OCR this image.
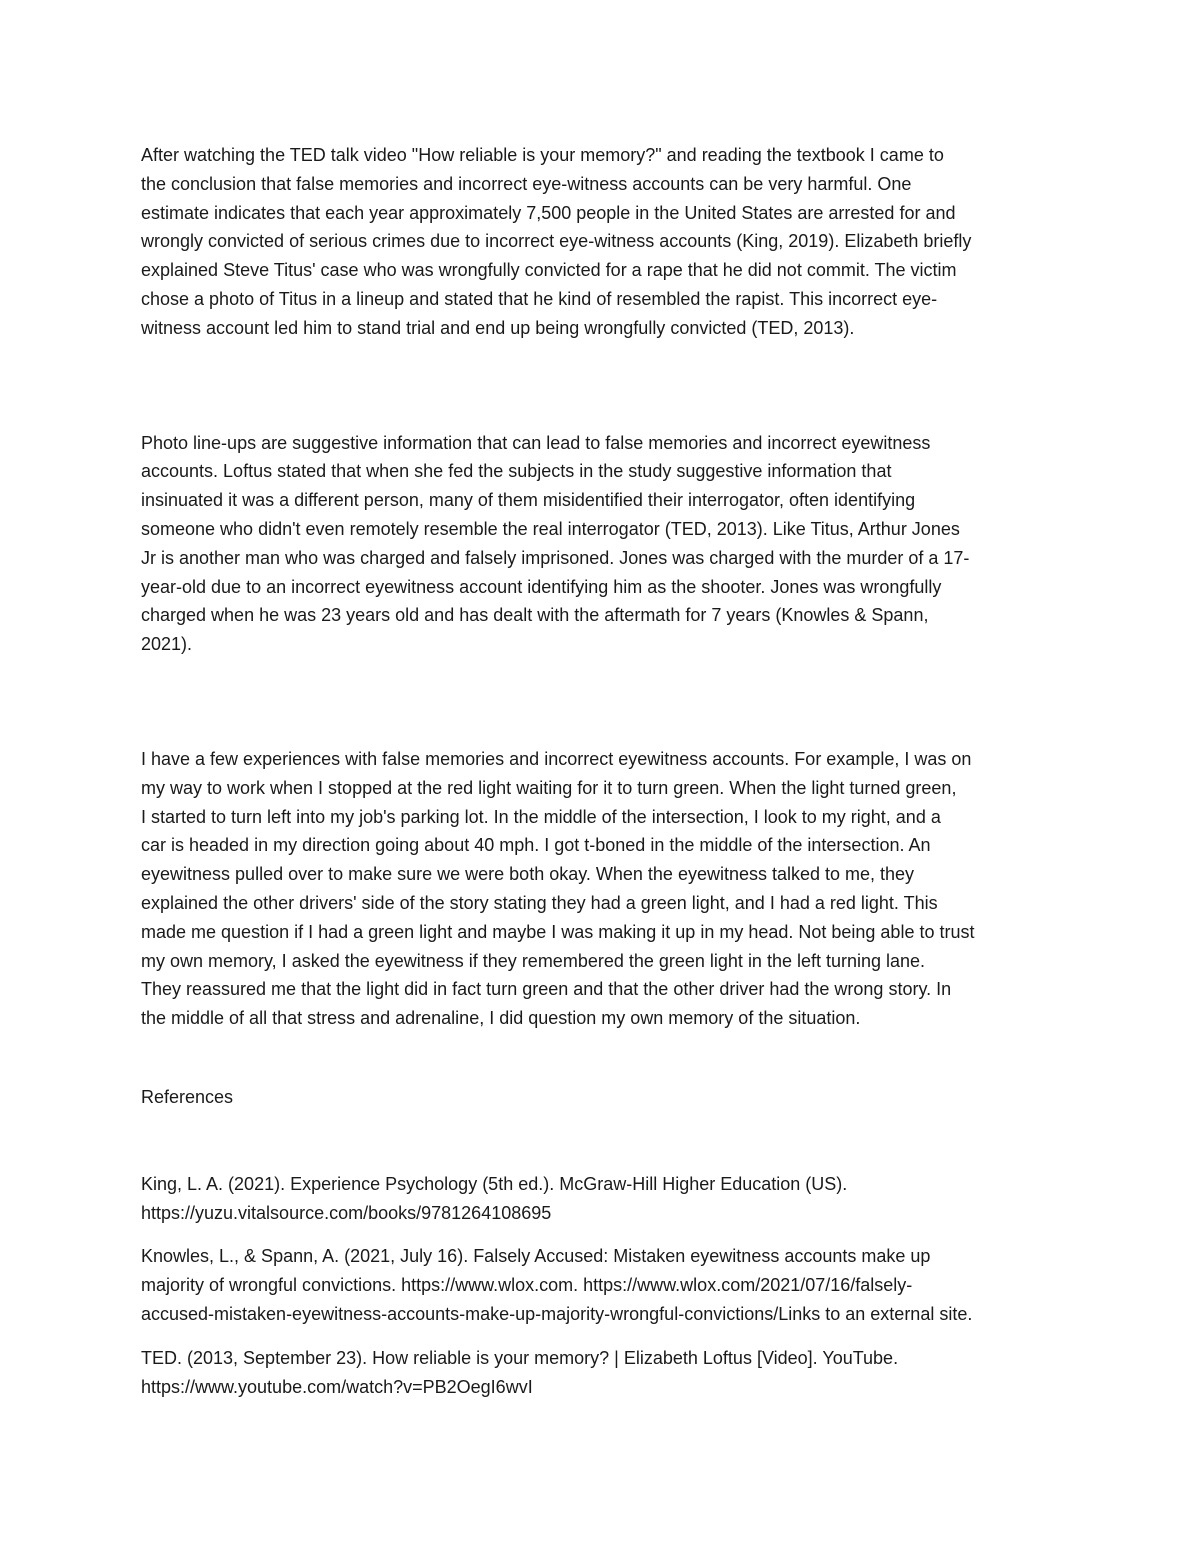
After watching the TED talk video "How reliable is your memory?" and reading the textbook I came to
the conclusion that false memories and incorrect eye-witness accounts can be very harmful. One
estimate indicates that each year approximately 7,500 people in the United States are arrested for and
wrongly convicted of serious crimes due to incorrect eye-witness accounts (King, 2019). Elizabeth briefly
explained Steve Titus' case who was wrongfully convicted for a rape that he did not commit. The victim
chose a photo of Titus in a lineup and stated that he kind of resembled the rapist. This incorrect eye-
witness account led him to stand trial and end up being wrongfully convicted (TED, 2013).

Photo line-ups are suggestive information that can lead to false memories and incorrect eyewitness
accounts. Loftus stated that when she fed the subjects in the study suggestive information that
insinuated it was a different person, many of them misidentified their interrogator, often identifying
someone who didn't even remotely resemble the real interrogator (TED, 2013). Like Titus, Arthur Jones
Jr is another man who was charged and falsely imprisoned. Jones was charged with the murder of a 17-
year-old due to an incorrect eyewitness account identifying him as the shooter. Jones was wrongfully
charged when he was 23 years old and has dealt with the aftermath for 7 years (Knowles & Spann,
2021).

I have a few experiences with false memories and incorrect eyewitness accounts. For example, I was on
my way to work when I stopped at the red light waiting for it to turn green. When the light turned green,
I started to turn left into my job's parking lot. In the middle of the intersection, I look to my right, and a
car is headed in my direction going about 40 mph. I got t-boned in the middle of the intersection. An
eyewitness pulled over to make sure we were both okay. When the eyewitness talked to me, they
explained the other drivers' side of the story stating they had a green light, and I had a red light. This
made me question if I had a green light and maybe I was making it up in my head. Not being able to trust
my own memory, I asked the eyewitness if they remembered the green light in the left turning lane.
They reassured me that the light did in fact turn green and that the other driver had the wrong story. In
the middle of all that stress and adrenaline, I did question my own memory of the situation.

References

King, L. A. (2021). Experience Psychology (5th ed.). McGraw-Hill Higher Education (US).
https://yuzu.vitalsource.com/books/9781264108695

Knowles, L., & Spann, A. (2021, July 16). Falsely Accused: Mistaken eyewitness accounts make up
majority of wrongful convictions. https://www.wlox.com. https://www.wlox.com/2021/07/16/falsely-
accused-mistaken-eyewitness-accounts-make-up-majority-wrongful-convictions/Links to an external site.

TED. (2013, September 23). How reliable is your memory? | Elizabeth Loftus [Video]. YouTube.
https://www.youtube.com/watch?v=PB2OegI6wvI
